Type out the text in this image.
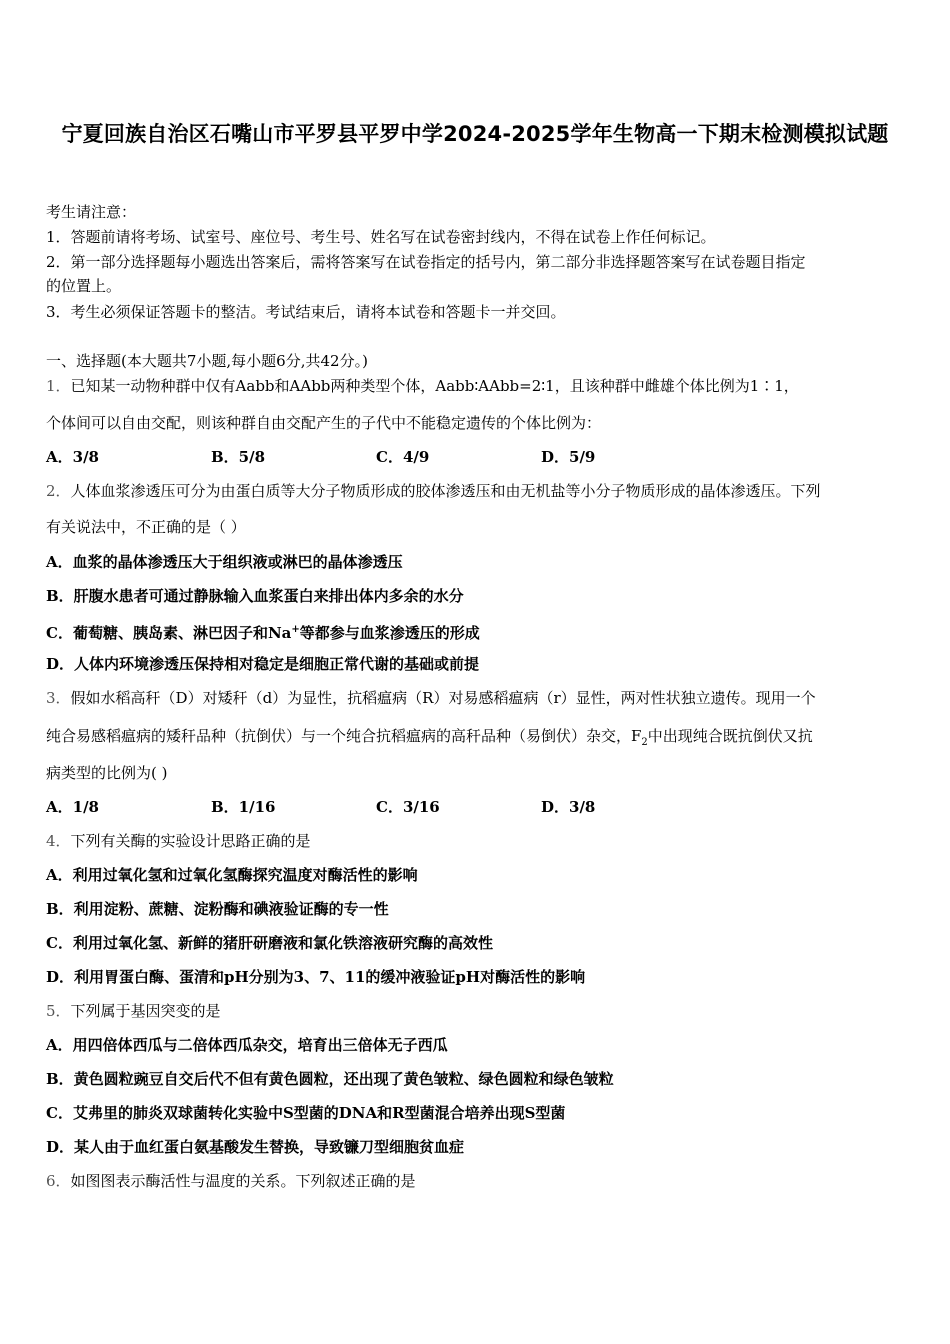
宁夏回族自治区石嘴山市平罗县平罗中学2024-2025学年生物高一下期末检测模拟试题
考生请注意：
1．答题前请将考场、试室号、座位号、考生号、姓名写在试卷密封线内，不得在试卷上作任何标记。
2．第一部分选择题每小题选出答案后，需将答案写在试卷指定的括号内，第二部分非选择题答案写在试卷题目指定
的位置上。
3．考生必须保证答题卡的整洁。考试结束后，请将本试卷和答题卡一并交回。
一、选择题(本大题共7小题,每小题6分,共42分。)
1．已知某一动物种群中仅有Aabb和AAbb两种类型个体，Aabb∶AAbb=2∶1，且该种群中雌雄个体比例为1∶1，
个体间可以自由交配，则该种群自由交配产生的子代中不能稳定遗传的个体比例为：
A．3/8	B．5/8	C．4/9	D．5/9
2．人体血浆渗透压可分为由蛋白质等大分子物质形成的胶体渗透压和由无机盐等小分子物质形成的晶体渗透压。下列
有关说法中，不正确的是（ ）
A．血浆的晶体渗透压大于组织液或淋巴的晶体渗透压
B．肝腹水患者可通过静脉输入血浆蛋白来排出体内多余的水分
C．葡萄糖、胰岛素、淋巴因子和Na+等都参与血浆渗透压的形成
D．人体内环境渗透压保持相对稳定是细胞正常代谢的基础或前提
3．假如水稻高秆（D）对矮秆（d）为显性，抗稻瘟病（R）对易感稻瘟病（r）显性，两对性状独立遗传。现用一个
纯合易感稻瘟病的矮秆品种（抗倒伏）与一个纯合抗稻瘟病的高秆品种（易倒伏）杂交，$F_2$中出现纯合既抗倒伏又抗
病类型的比例为( )
A．1/8	B．1/16	C．3/16	D．3/8
4．下列有关酶的实验设计思路正确的是
A．利用过氧化氢和过氧化氢酶探究温度对酶活性的影响
B．利用淀粉、蔗糖、淀粉酶和碘液验证酶的专一性
C．利用过氧化氢、新鲜的猪肝研磨液和氯化铁溶液研究酶的高效性
D．利用胃蛋白酶、蛋清和pH分别为3、7、11的缓冲液验证pH对酶活性的影响
5．下列属于基因突变的是
A．用四倍体西瓜与二倍体西瓜杂交，培育出三倍体无子西瓜
B．黄色圆粒豌豆自交后代不但有黄色圆粒，还出现了黄色皱粒、绿色圆粒和绿色皱粒
C．艾弗里的肺炎双球菌转化实验中S型菌的DNA和R型菌混合培养出现S型菌
D．某人由于血红蛋白氨基酸发生替换，导致镰刀型细胞贫血症
6．如图图表示酶活性与温度的关系。下列叙述正确的是
